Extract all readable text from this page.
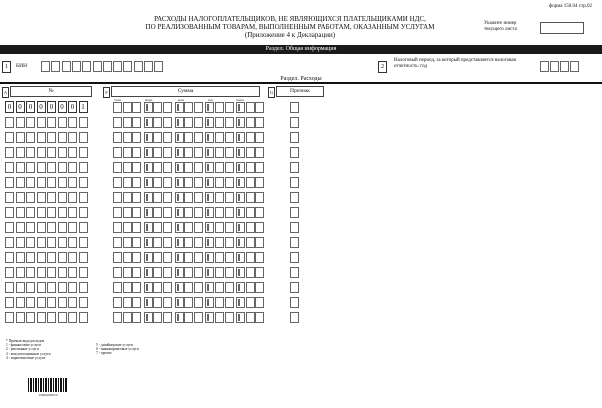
форма 150.04 стр.02
РАСХОДЫ НАЛОГОПЛАТЕЛЬЩИКОВ, НЕ ЯВЛЯЮЩИХСЯ ПЛАТЕЛЬЩИКАМИ НДС,
ПО РЕАЛИЗОВАННЫМ ТОВАРАМ, ВЫПОЛНЕННЫМ РАБОТАМ, ОКАЗАННЫМ УСЛУГАМ
(Приложение 4 к Декларации)
Укажите номер текущего листа
Раздел. Общая информация
1	БИН	2
Налоговый период, за который представляется налоговая отчетность: год
Раздел. Расходы
A	№	F	Сумма	G	Признак
трлн	млрд	млн	тыс	тенге
0	0	0	0	0	0	0	1
* Признак вида расходов
1 - финансовые услуги
2 - рекламные услуги
3 - консультационные услуги
4 - маркетинговые услуги
5 - дизайнерские услуги
6 - инжиниринговые услуги
7 - прочие
15004201012
